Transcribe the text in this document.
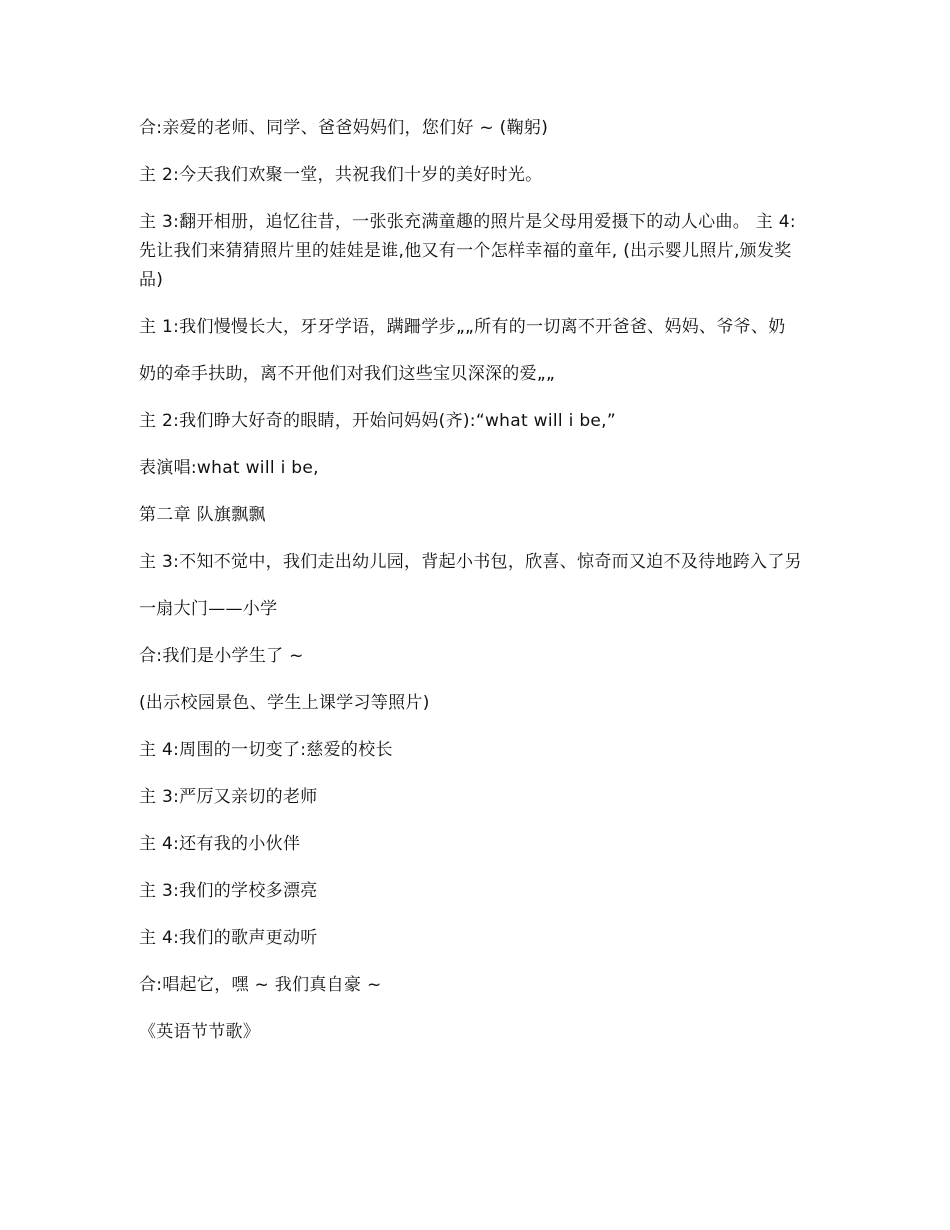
合:亲爱的老师、同学、爸爸妈妈们，您们好 ~ (鞠躬)

主 2:今天我们欢聚一堂，共祝我们十岁的美好时光。

主 3:翻开相册，追忆往昔，一张张充满童趣的照片是父母用爱摄下的动人心曲。 主 4:先让我们来猜猜照片里的娃娃是谁,他又有一个怎样幸福的童年, (出示婴儿照片,颁发奖品)

主 1:我们慢慢长大，牙牙学语，蹒跚学步„„所有的一切离不开爸爸、妈妈、爷爷、奶

奶的牵手扶助，离不开他们对我们这些宝贝深深的爱„„

主 2:我们睁大好奇的眼睛，开始问妈妈(齐):“what will i be,”

表演唱:what will i be,

第二章 队旗飘飘

主 3:不知不觉中，我们走出幼儿园，背起小书包，欣喜、惊奇而又迫不及待地跨入了另

一扇大门——小学

合:我们是小学生了 ~

(出示校园景色、学生上课学习等照片)

主 4:周围的一切变了:慈爱的校长

主 3:严厉又亲切的老师

主 4:还有我的小伙伴

主 3:我们的学校多漂亮

主 4:我们的歌声更动听

合:唱起它，嘿 ~ 我们真自豪 ~

《英语节节歌》
